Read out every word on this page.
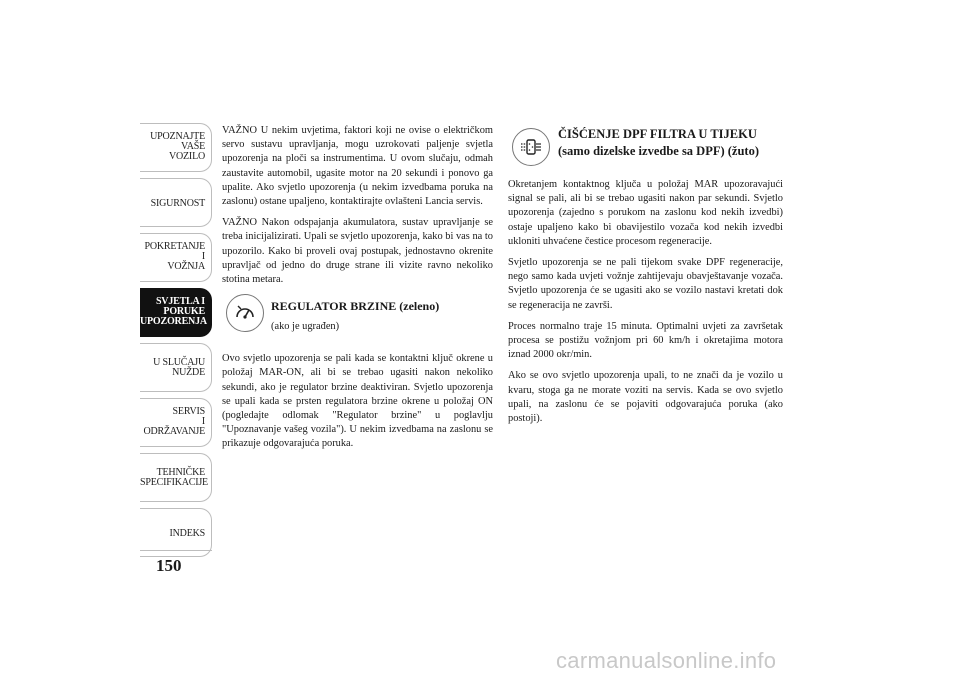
UPOZNAJTE
VAŠE
VOZILO
SIGURNOST
POKRETANJE
I
VOŽNJA
SVJETLA I
PORUKE
UPOZORENJA
U SLUČAJU
NUŽDE
SERVIS
I
ODRŽAVANJE
TEHNIČKE
SPECIFIKACIJE
INDEKS
150

VAŽNO U nekim uvjetima, faktori koji ne ovise o električkom servo sustavu upravljanja, mogu uzrokovati paljenje svjetla upozorenja na ploči sa instrumentima. U ovom slučaju, odmah zaustavite automobil, ugasite motor na 20 sekundi i ponovo ga upalite. Ako svjetlo upozorenja (u nekim izvedbama poruka na zaslonu) ostane upaljeno, kontaktirajte ovlašteni Lancia servis.

VAŽNO Nakon odspajanja akumulatora, sustav upravljanje se treba inicijalizirati. Upali se svjetlo upozorenja, kako bi vas na to upozorilo. Kako bi proveli ovaj postupak, jednostavno okrenite upravljač od jedno do druge strane ili vizite ravno nekoliko stotina metara.

REGULATOR BRZINE (zeleno)
(ako je ugrađen)

Ovo svjetlo upozorenja se pali kada se kontaktni ključ okrene u položaj MAR-ON, ali bi se trebao ugasiti nakon nekoliko sekundi, ako je regulator brzine deaktiviran. Svjetlo upozorenja se upali kada se prsten regulatora brzine okrene u položaj ON (pogledajte odlomak "Regulator brzine" u poglavlju "Upoznavanje vašeg vozila"). U nekim izvedbama na zaslonu se prikazuje odgovarajuća poruka.

ČIŠĆENJE DPF FILTRA U TIJEKU
(samo dizelske izvedbe sa DPF) (žuto)

Okretanjem kontaktnog ključa u položaj MAR upozoravajući signal se pali, ali bi se trebao ugasiti nakon par sekundi. Svjetlo upozorenja (zajedno s porukom na zaslonu kod nekih izvedbi) ostaje upaljeno kako bi obavijestilo vozača kod nekih izvedbi ukloniti uhvaćene čestice procesom regeneracije.

Svjetlo upozorenja se ne pali tijekom svake DPF regeneracije, nego samo kada uvjeti vožnje zahtijevaju obavještavanje vozača. Svjetlo upozorenja će se ugasiti ako se vozilo nastavi kretati dok se regeneracija ne završi.

Proces normalno traje 15 minuta. Optimalni uvjeti za završetak procesa se postižu vožnjom pri 60 km/h i okretajima motora iznad 2000 okr/min.

Ako se ovo svjetlo upozorenja upali, to ne znači da je vozilo u kvaru, stoga ga ne morate voziti na servis. Kada se ovo svjetlo upali, na zaslonu će se pojaviti odgovarajuća poruka (ako postoji).

carmanualsonline.info
